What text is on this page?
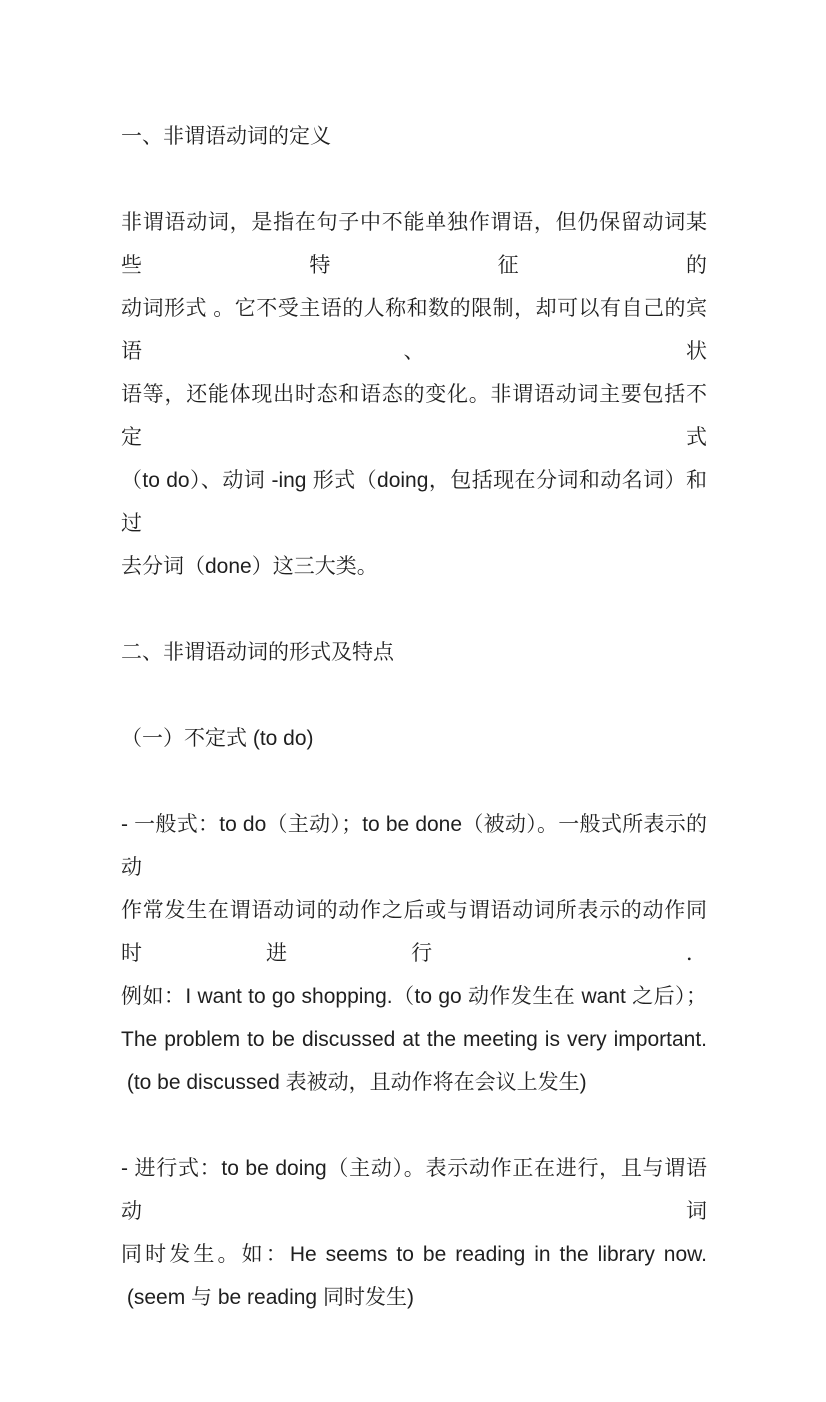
一、非谓语动词的定义
非谓语动词，是指在句子中不能单独作谓语，但仍保留动词某些特征的
动词形式 。它不受主语的人称和数的限制，却可以有自己的宾语、状
语等，还能体现出时态和语态的变化。非谓语动词主要包括不定式
（to do）、动词 -ing 形式（doing，包括现在分词和动名词）和过
去分词（done）这三大类。
二、非谓语动词的形式及特点
（一）不定式 (to do)
- 一般式：to do（主动）；to be done（被动）。一般式所表示的动
作常发生在谓语动词的动作之后或与谓语动词所表示的动作同时进行 ．
例如：I want to go shopping.（to go 动作发生在 want 之后）；
The problem to be discussed at the meeting is very important.
(to be discussed 表被动，且动作将在会议上发生)
- 进行式：to be doing（主动）。表示动作正在进行，且与谓语动词
同时发生。如：He seems to be reading in the library now.
(seem 与 be reading 同时发生)
